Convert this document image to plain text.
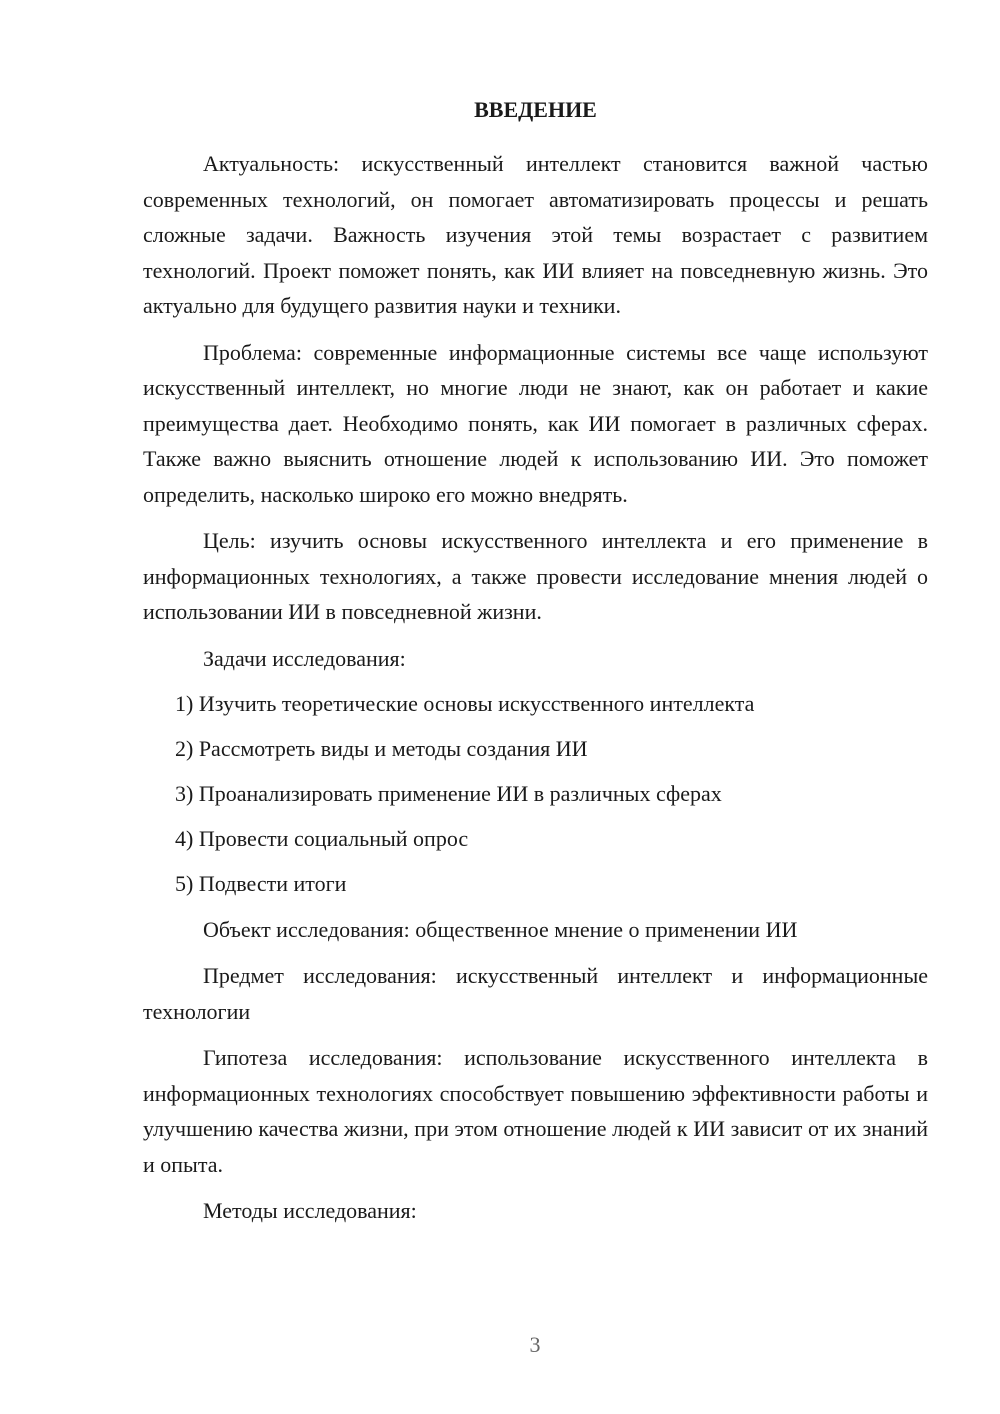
ВВЕДЕНИЕ

Актуальность: искусственный интеллект становится важной частью современных технологий, он помогает автоматизировать процессы и решать сложные задачи. Важность изучения этой темы возрастает с развитием технологий. Проект поможет понять, как ИИ влияет на повседневную жизнь. Это актуально для будущего развития науки и техники.

Проблема: современные информационные системы все чаще используют искусственный интеллект, но многие люди не знают, как он работает и какие преимущества дает. Необходимо понять, как ИИ помогает в различных сферах. Также важно выяснить отношение людей к использованию ИИ. Это поможет определить, насколько широко его можно внедрять.

Цель: изучить основы искусственного интеллекта и его применение в информационных технологиях, а также провести исследование мнения людей о использовании ИИ в повседневной жизни.

Задачи исследования:

1) Изучить теоретические основы искусственного интеллекта
2) Рассмотреть виды и методы создания ИИ
3) Проанализировать применение ИИ в различных сферах
4) Провести социальный опрос
5) Подвести итоги

Объект исследования: общественное мнение о применении ИИ

Предмет исследования: искусственный интеллект и информационные технологии

Гипотеза исследования: использование искусственного интеллекта в информационных технологиях способствует повышению эффективности работы и улучшению качества жизни, при этом отношение людей к ИИ зависит от их знаний и опыта.

Методы исследования:

3
